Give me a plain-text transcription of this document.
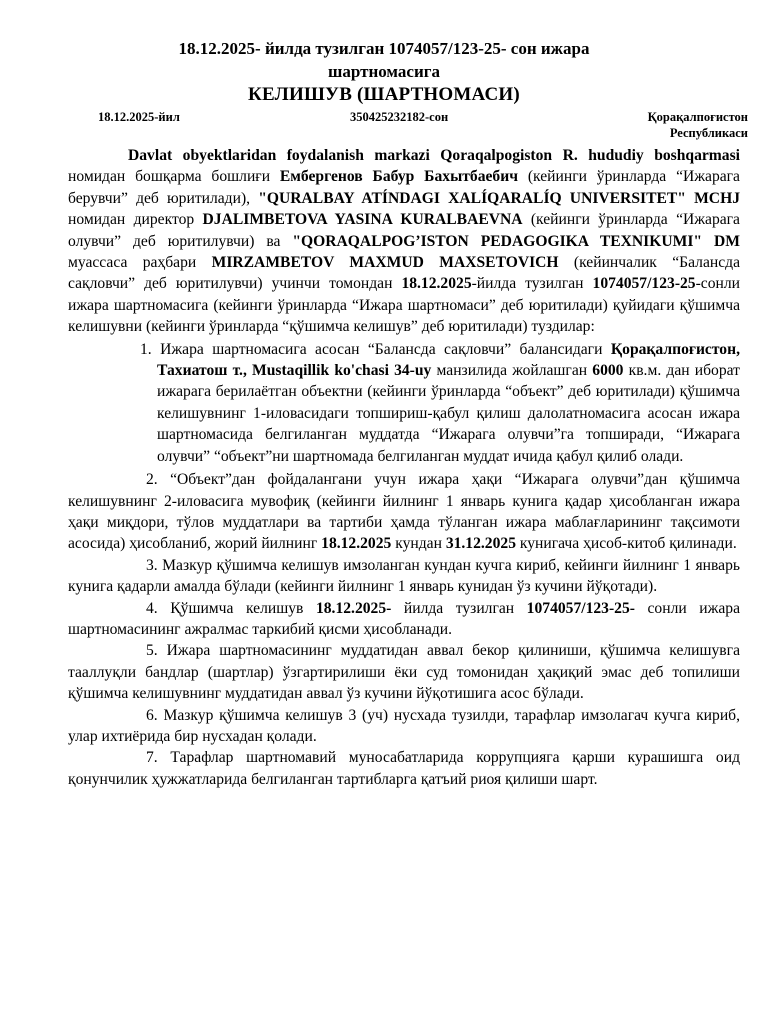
18.12.2025- йилда тузилган 1074057/123-25- сон ижара
шартномасига
КЕЛИШУВ (ШАРТНОМАСИ)
18.12.2025-йил	350425232182-сон	Қорақалпоғистон
Республикаси

Davlat obyektlaridan foydalanish markazi Qoraqalpogiston R. hududiy boshqarmasi номидан бошқарма бошлиғи Емберген​ов Бабур Бахытбаебич (кейинги ўринларда “Ижарага берувчи” деб юритилади), "QURALBAY ATÍNDAGI XALÍQARALÍQ UNIVERSITET" MCHJ номидан директор DJALIMBETOVA YASINA KURALBAEVNA (кейинги ўринларда “Ижарага олувчи” деб юритилувчи) ва "QORAQALPOG’ISTON PEDAGOGIKA TEXNIKUMI" DM муассаса раҳбари MIRZAMBETOV MAXMUD MAXSETOVICH (кейинчалик “Балансда сақловчи” деб юритилувчи) учинчи томондан 18.12.2025-йилда тузилган 1074057/123-25-сонли ижара шартномасига (кейинги ўринларда “Ижара шартномаси” деб юритилади) қуйидаги қўшимча келишувни (кейинги ўринларда “қўшимча келишув” деб юритилади) туздилар:

1. Ижара шартномасига асосан “Балансда сақловчи” балансидаги Қорақалпоғистон, Тахиатош т., Mustaqillik ko'chasi 34-uy манзилида жойлашган 6000 кв.м. дан иборат ижарага берилаётган объектни (кейинги ўринларда “объект” деб юритилади) қўшимча келишувнинг 1-иловасидаги топшириш-қабул қилиш далолатномасига асосан ижара шартномасида белгиланган муддатда “Ижарага олувчи”га топширади, “Ижарага олувчи” “объект”ни шартномада белгиланган муддат ичида қабул қилиб олади.

2. “Объект”дан фойдалангани учун ижара ҳақи “Ижарага олувчи”дан қўшимча келишувнинг 2-иловасига мувофиқ (кейинги йилнинг 1 январь кунига қадар ҳисобланган ижара ҳақи миқдори, тўлов муддатлари ва тартиби ҳамда тўланган ижара маблағларининг тақсимоти асосида) ҳисобланиб, жорий йилнинг 18.12.2025 кундан 31.12.2025 кунигача ҳисоб-китоб қилинади.

3. Мазкур қўшимча келишув имзоланган кундан кучга кириб, кейинги йилнинг 1 январь кунига қадарли амалда бўлади (кейинги йилнинг 1 январь кунидан ўз кучини йўқотади).

4. Қўшимча келишув 18.12.2025- йилда тузилган 1074057/123-25- сонли ижара шартномасининг ажралмас таркибий қисми ҳисобланади.

5. Ижара шартномасининг муддатидан аввал бекор қилиниши, қўшимча келишувга тааллуқли бандлар (шартлар) ўзгартирилиши ёки суд томонидан ҳақиқий эмас деб топилиши қўшимча келишувнинг муддатидан аввал ўз кучини йўқотишига асос бўлади.

6. Мазкур қўшимча келишув 3 (уч) нусхада тузилди, тарафлар имзолагач кучга кириб, улар ихтиёрида бир нусхадан қолади.

7. Тарафлар шартномавий муносабатларида коррупцияга қарши курашишга оид қонунчилик ҳужжатларида белгиланган тартибларга қатъий риоя қилиши шарт.
